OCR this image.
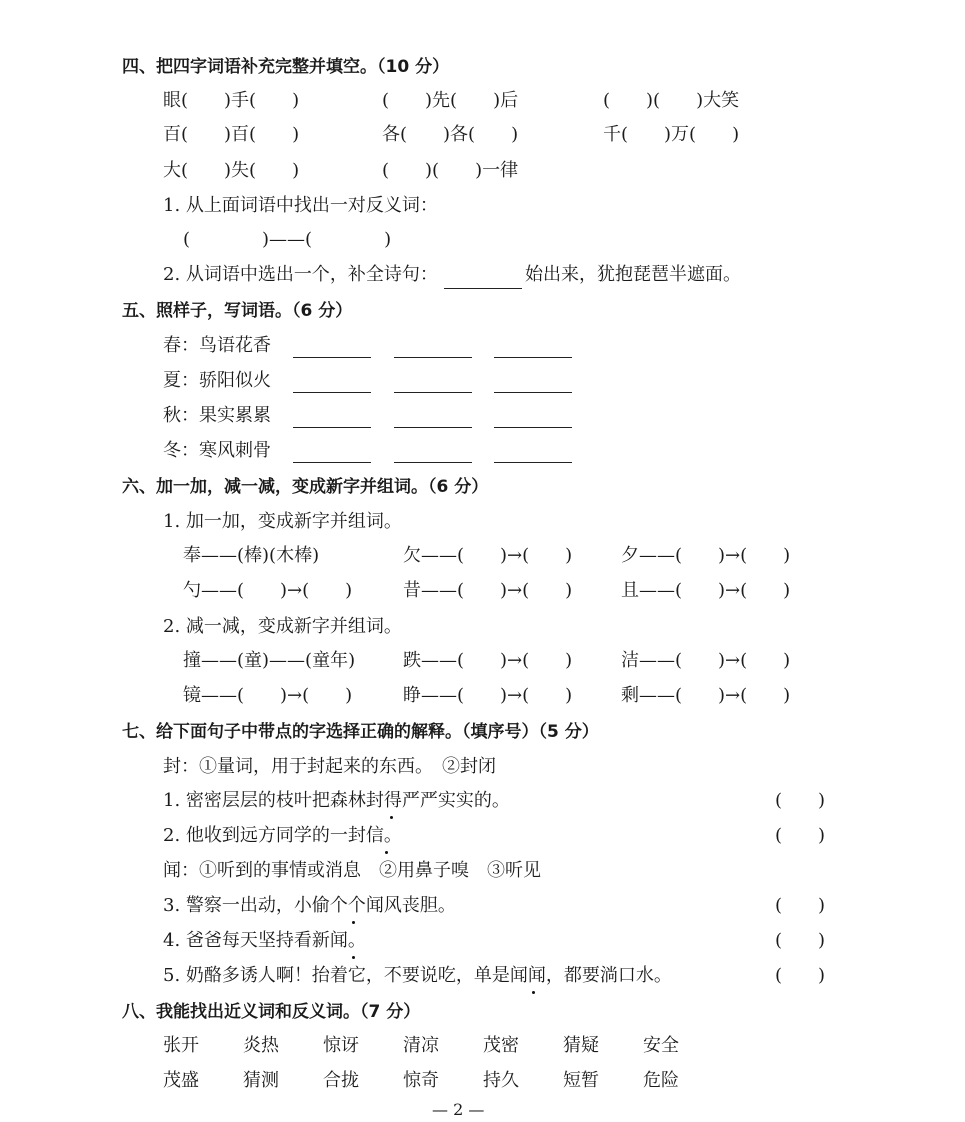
四、把四字词语补充完整并填空。（10 分）
眼(　　)手(　　)	(　　)先(　　)后	(　　)(　　)大笑
百(　　)百(　　)	各(　　)各(　　)	千(　　)万(　　)
大(　　)失(　　)	(　　)(　　)一律
1. 从上面词语中找出一对反义词：
(　　　　)——(　　　　)
2. 从词语中选出一个，补全诗句：	始出来，犹抱琵琶半遮面。
五、照样子，写词语。（6 分）
春：鸟语花香
夏：骄阳似火
秋：果实累累
冬：寒风刺骨
六、加一加，减一减，变成新字并组词。（6 分）
1. 加一加，变成新字并组词。
奉——(棒)(木棒)	欠——(　　)→(　　)	夕——(　　)→(　　)
勺——(　　)→(　　)	昔——(　　)→(　　)	且——(　　)→(　　)
2. 减一减，变成新字并组词。
撞——(童)——(童年)	跌——(　　)→(　　)	洁——(　　)→(　　)
镜——(　　)→(　　)	睁——(　　)→(　　)	剩——(　　)→(　　)
七、给下面句子中带点的字选择正确的解释。（填序号）（5 分）
封：①量词，用于封起来的东西。　②封闭
1. 密密层层的枝叶把森林封得严严实实的。	(　　)
2. 他收到远方同学的一封信。	(　　)
闻：①听到的事情或消息　②用鼻子嗅　③听见
3. 警察一出动，小偷个个闻风丧胆。	(　　)
4. 爸爸每天坚持看新闻。	(　　)
5. 奶酪多诱人啊！抬着它，不要说吃，单是闻闻，都要淌口水。	(　　)
八、我能找出近义词和反义词。（7 分）
张开 炎热 惊讶 清凉 茂密 猜疑 安全
茂盛 猜测 合拢 惊奇 持久 短暂 危险
— 2 —
